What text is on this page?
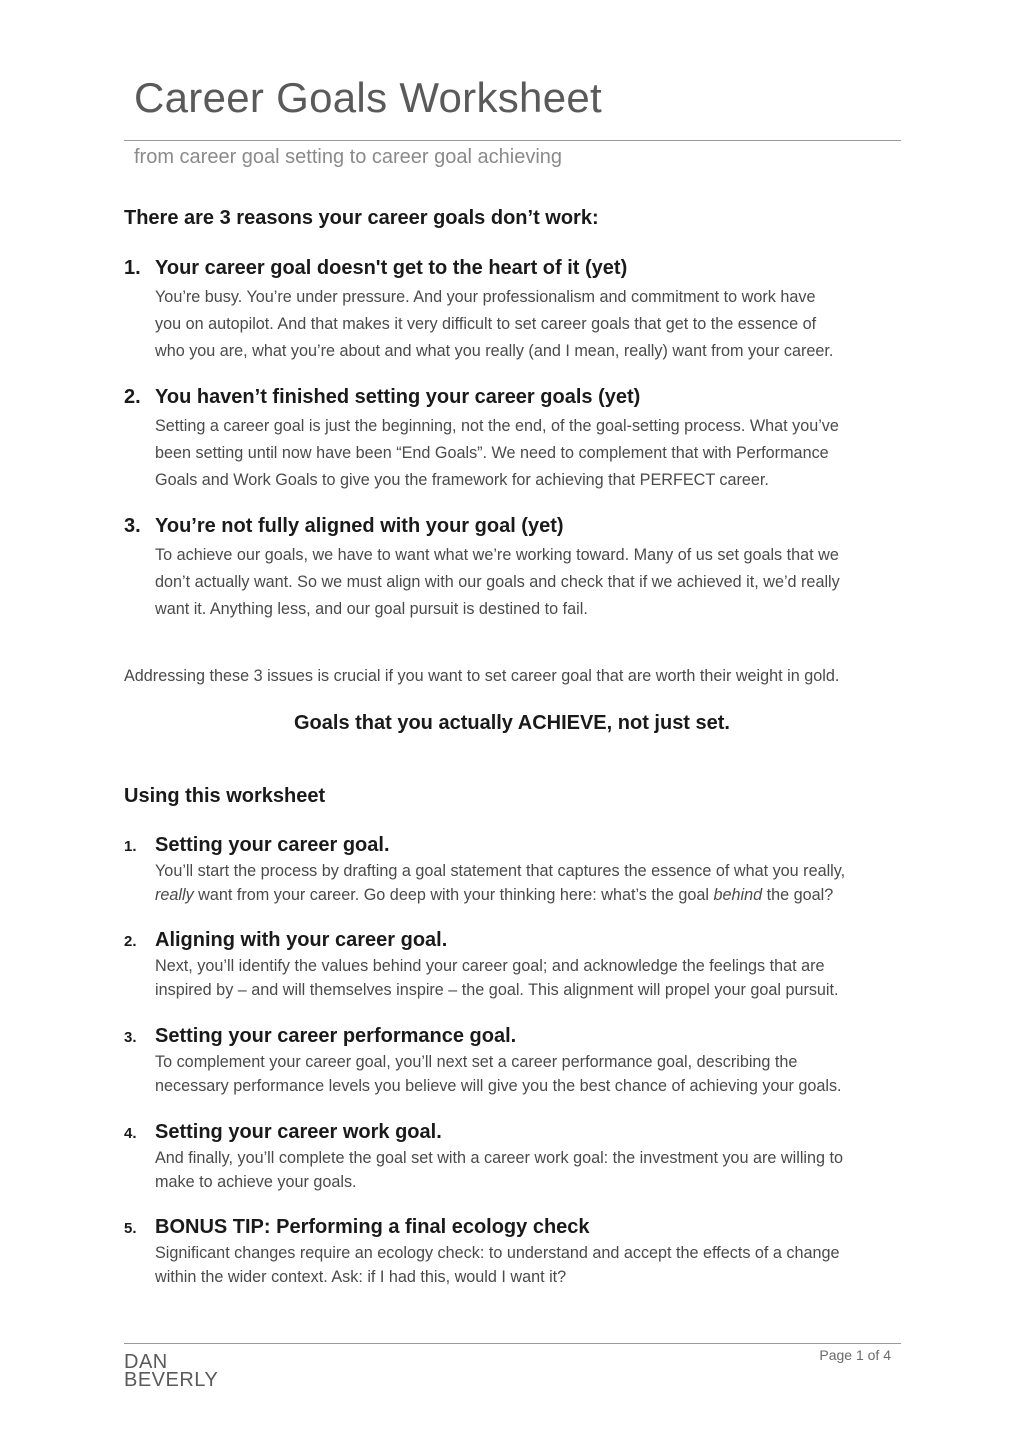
Career Goals Worksheet

from career goal setting to career goal achieving

There are 3 reasons your career goals don’t work:
1. Your career goal doesn't get to the heart of it (yet)

You’re busy. You’re under pressure. And your professionalism and commitment to work have
you on autopilot. And that makes it very difficult to set career goals that get to the essence of
who you are, what you’re about and what you really (and I mean, really) want from your career.

2. You haven’t finished setting your career goals (yet)

Setting a career goal is just the beginning, not the end, of the goal-setting process. What you’ve
been setting until now have been “End Goals”. We need to complement that with Performance
Goals and Work Goals to give you the framework for achieving that PERFECT career.

3. You’re not fully aligned with your goal (yet)

To achieve our goals, we have to want what we’re working toward. Many of us set goals that we
don’t actually want. So we must align with our goals and check that if we achieved it, we’d really
want it. Anything less, and our goal pursuit is destined to fail.

Addressing these 3 issues is crucial if you want to set career goal that are worth their weight in gold.

Goals that you actually ACHIEVE, not just set.

Using this worksheet
1. Setting your career goal.

You’ll start the process by drafting a goal statement that captures the essence of what you really,
really want from your career. Go deep with your thinking here: what’s the goal behind the goal?

2. Aligning with your career goal.

Next, you’ll identify the values behind your career goal; and acknowledge the feelings that are
inspired by – and will themselves inspire – the goal. This alignment will propel your goal pursuit.

3. Setting your career performance goal.

To complement your career goal, you’ll next set a career performance goal, describing the
necessary performance levels you believe will give you the best chance of achieving your goals.

4. Setting your career work goal.

And finally, you’ll complete the goal set with a career work goal: the investment you are willing to
make to achieve your goals.

5. BONUS TIP: Performing a final ecology check

Significant changes require an ecology check: to understand and accept the effects of a change
within the wider context. Ask: if I had this, would I want it?

DAN
BEVERLY
Page 1 of 4
